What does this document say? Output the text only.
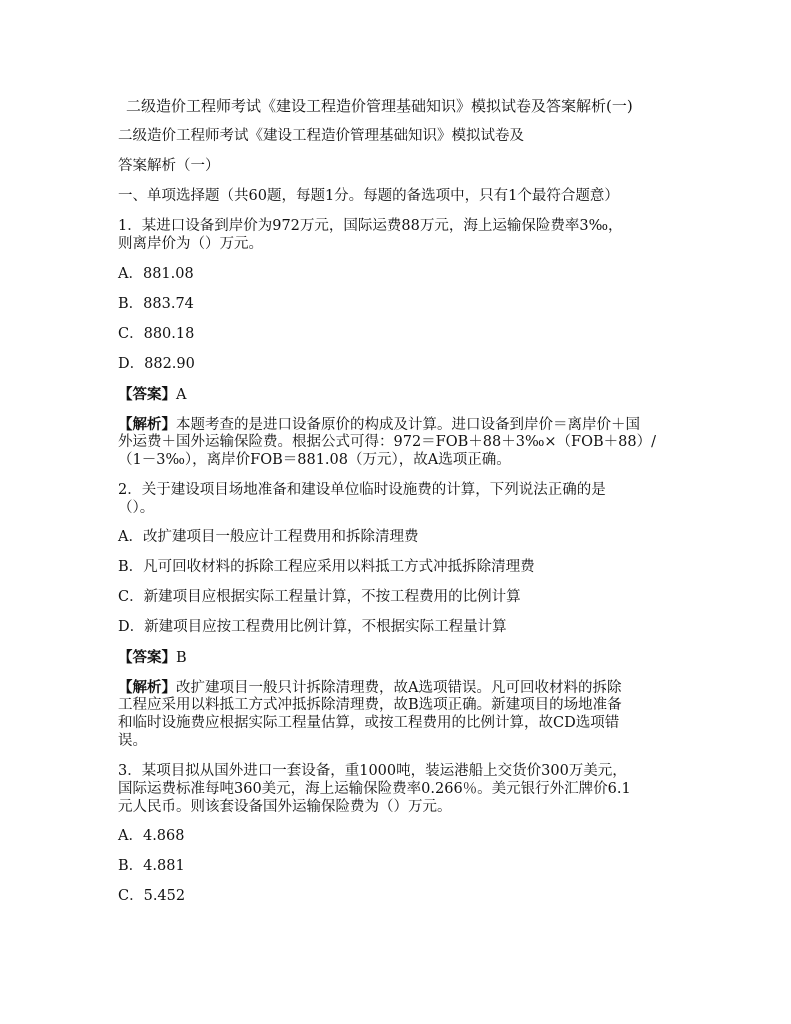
二级造价工程师考试《建设工程造价管理基础知识》模拟试卷及答案解析(一)
二级造价工程师考试《建设工程造价管理基础知识》模拟试卷及
答案解析（一）
一、单项选择题（共60题，每题1分。每题的备选项中，只有1个最符合题意）
1．某进口设备到岸价为972万元，国际运费88万元，海上运输保险费率3‰，
则离岸价为（）万元。
A．881.08
B．883.74
C．880.18
D．882.90
【答案】A
【解析】本题考查的是进口设备原价的构成及计算。进口设备到岸价＝离岸价＋国
外运费＋国外运输保险费。根据公式可得：972＝FOB＋88＋3‰×（FOB＋88）/
（1－3‰），离岸价FOB＝881.08（万元），故A选项正确。
2．关于建设项目场地准备和建设单位临时设施费的计算，下列说法正确的是
（）。
A．改扩建项目一般应计工程费用和拆除清理费
B．凡可回收材料的拆除工程应采用以料抵工方式冲抵拆除清理费
C．新建项目应根据实际工程量计算，不按工程费用的比例计算
D．新建项目应按工程费用比例计算，不根据实际工程量计算
【答案】B
【解析】改扩建项目一般只计拆除清理费，故A选项错误。凡可回收材料的拆除
工程应采用以料抵工方式冲抵拆除清理费，故B选项正确。新建项目的场地准备
和临时设施费应根据实际工程量估算，或按工程费用的比例计算，故CD选项错
误。
3．某项目拟从国外进口一套设备，重1000吨，装运港船上交货价300万美元，
国际运费标准每吨360美元，海上运输保险费率0.266％。美元银行外汇牌价6.1
元人民币。则该套设备国外运输保险费为（）万元。
A．4.868
B．4.881
C．5.452
